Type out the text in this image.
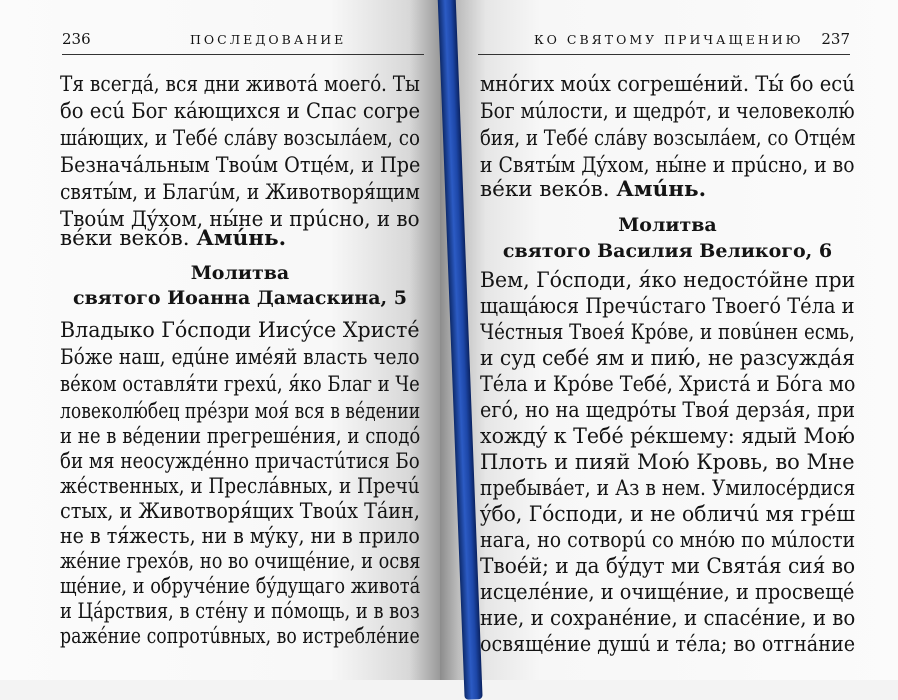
236	ПОСЛЕДОВАНИЕ	КО СВЯТОМУ ПРИЧАЩЕНИЮ 237
Тя всегдá, вся дни животá моегó. Ты
бо есú Бог кáющихся и Спас согре
шáющих, и Тебé слáву возсылáем, со
Безначáльным Твоúм Отцéм, и Пре
святы́м, и Благúм, и Животворя́щим
Твоúм Дýхом, ны́не и прúсно, и во
вéки векóв. Амúнь.
Молитва
святого Иоанна Дамаскина, 5
Владыко Гóсподи Иисýсе Христé
Бóже наш, едúне имéяй власть чело
вéком оставля́ти грехú, я́ко Благ и Че
ловеколю́бец прéзри моя́ вся в вéдении
и не в вéдении прегрешéния, и сподó
би мя неосуждéнно причастúтися Бо
жéственных, и Преслáвных, и Пречú
стых, и Животворя́щих Твоúх Тáин,
не в тя́жесть, ни в мýку, ни в прило
жéние грехóв, но во очищéние, и освя
щéние, и обручéние бýдущаго животá
и Цáрствия, в стéну и пóмощь, и в воз
ражéние сопротúвных, во истреблéние
мнóгих моúх согрешéний. Ты́ бо есú
Бог мúлости, и щедрóт, и человеколю́
бия, и Тебé слáву возсылáем, со Отцéм
и Святы́м Дýхом, ны́не и прúсно, и во
вéки векóв. Амúнь.
Молитва
святого Василия Великого, 6
Вем, Гóсподи, я́ко недостóйне при
щаща́юся Пречúстаго Твоегó Тéла и
Чéстныя Твоея́ Крóве, и повúнен есмь,
и суд себé ям и пию́, не разсуждáя
Тéла и Крóве Тебé, Христá и Бóга мо
егó, но на щедрóты Твоя́ дерзáя, при
хождý к Тебé рéкшему: ядый Мою́
Плоть и пияй Мою́ Кровь, во Мне
пребывáет, и Аз в нем. Умилосéрдися
ýбо, Гóсподи, и не обличú мя грéш
нага, но сотворú со мнóю по мúлости
Твоéй; и да бýдут ми Святáя сия́ во
исцелéние, и очищéние, и просвещé
ние, и сохранéние, и спасéние, и во
освящéние душú и тéла; во отгнáние
